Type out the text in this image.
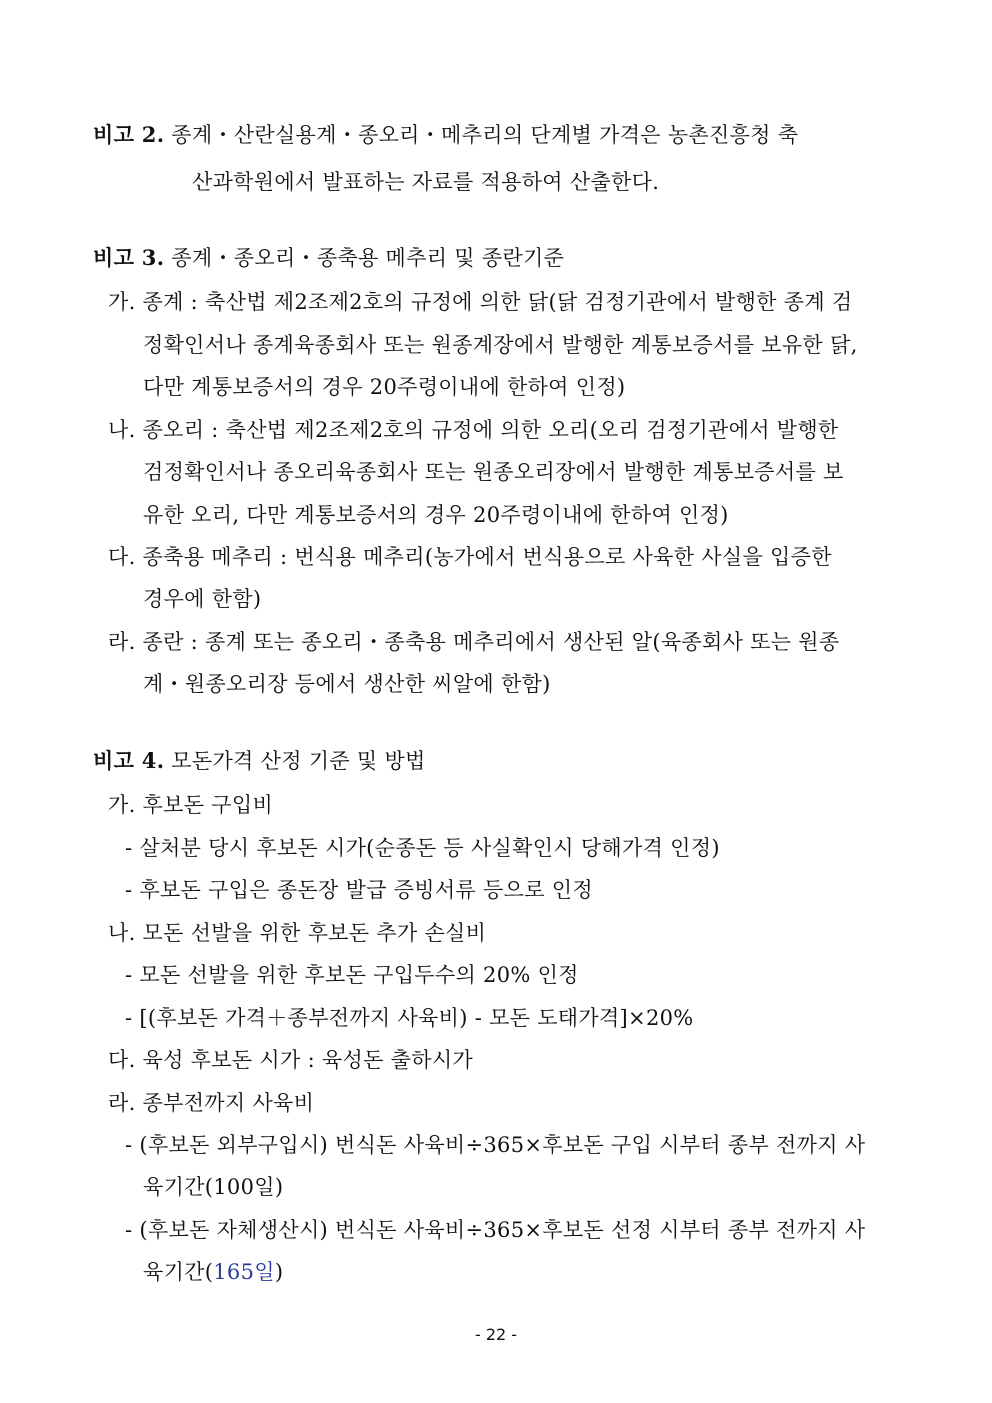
비고 2. 종계・산란실용계・종오리・메추리의 단계별 가격은 농촌진흥청 축
산과학원에서 발표하는 자료를 적용하여 산출한다.
비고 3. 종계・종오리・종축용 메추리 및 종란기준
가. 종계 : 축산법 제2조제2호의 규정에 의한 닭(닭 검정기관에서 발행한 종계 검
정확인서나 종계육종회사 또는 원종계장에서 발행한 계통보증서를 보유한 닭,
다만 계통보증서의 경우 20주령이내에 한하여 인정)
나. 종오리 : 축산법 제2조제2호의 규정에 의한 오리(오리 검정기관에서 발행한
검정확인서나 종오리육종회사 또는 원종오리장에서 발행한 계통보증서를 보
유한 오리, 다만 계통보증서의 경우 20주령이내에 한하여 인정)
다. 종축용 메추리 : 번식용 메추리(농가에서 번식용으로 사육한 사실을 입증한
경우에 한함)
라. 종란 : 종계 또는 종오리・종축용 메추리에서 생산된 알(육종회사 또는 원종
계・원종오리장 등에서 생산한 씨알에 한함)
비고 4. 모돈가격 산정 기준 및 방법
가. 후보돈 구입비
- 살처분 당시 후보돈 시가(순종돈 등 사실확인시 당해가격 인정)
- 후보돈 구입은 종돈장 발급 증빙서류 등으로 인정
나. 모돈 선발을 위한 후보돈 추가 손실비
- 모돈 선발을 위한 후보돈 구입두수의 20% 인정
- [(후보돈 가격＋종부전까지 사육비) - 모돈 도태가격]×20%
다. 육성 후보돈 시가 : 육성돈 출하시가
라. 종부전까지 사육비
- (후보돈 외부구입시) 번식돈 사육비÷365×후보돈 구입 시부터 종부 전까지 사
육기간(100일)
- (후보돈 자체생산시) 번식돈 사육비÷365×후보돈 선정 시부터 종부 전까지 사
육기간(165일)
- 22 -
